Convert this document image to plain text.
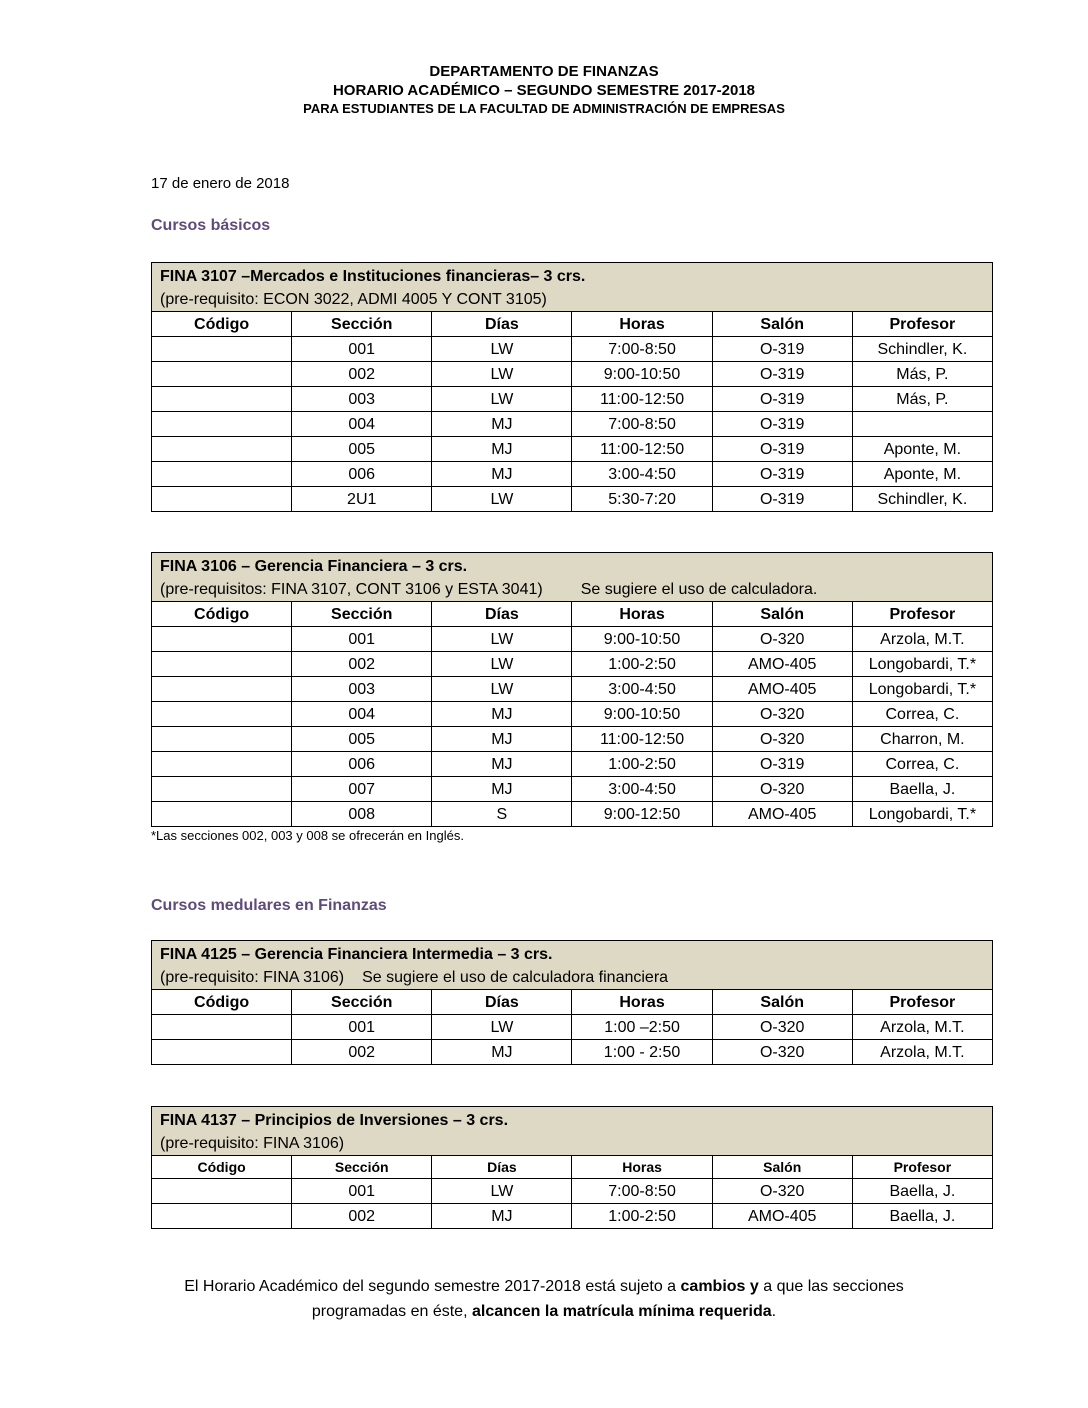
DEPARTAMENTO DE FINANZAS
HORARIO ACADÉMICO – SEGUNDO SEMESTRE 2017-2018
PARA ESTUDIANTES DE LA FACULTAD DE ADMINISTRACIÓN DE EMPRESAS
17 de enero de 2018
Cursos básicos
FINA 3107 –Mercados e Instituciones financieras– 3 crs.
(pre-requisito: ECON 3022, ADMI 4005 Y CONT 3105)
Código	Sección	Días	Horas	Salón	Profesor
	001	LW	7:00-8:50	O-319	Schindler, K.
	002	LW	9:00-10:50	O-319	Más, P.
	003	LW	11:00-12:50	O-319	Más, P.
	004	MJ	7:00-8:50	O-319	
	005	MJ	11:00-12:50	O-319	Aponte, M.
	006	MJ	3:00-4:50	O-319	Aponte, M.
	2U1	LW	5:30-7:20	O-319	Schindler, K.
FINA 3106 – Gerencia Financiera – 3 crs.
(pre-requisitos: FINA 3107, CONT 3106 y ESTA 3041) Se sugiere el uso de calculadora.
Código	Sección	Días	Horas	Salón	Profesor
	001	LW	9:00-10:50	O-320	Arzola, M.T.
	002	LW	1:00-2:50	AMO-405	Longobardi, T.*
	003	LW	3:00-4:50	AMO-405	Longobardi, T.*
	004	MJ	9:00-10:50	O-320	Correa, C.
	005	MJ	11:00-12:50	O-320	Charron, M.
	006	MJ	1:00-2:50	O-319	Correa, C.
	007	MJ	3:00-4:50	O-320	Baella, J.
	008	S	9:00-12:50	AMO-405	Longobardi, T.*
*Las secciones 002, 003 y 008 se ofrecerán en Inglés.
Cursos medulares en Finanzas
FINA 4125 – Gerencia Financiera Intermedia – 3 crs.
(pre-requisito: FINA 3106) Se sugiere el uso de calculadora financiera
Código	Sección	Días	Horas	Salón	Profesor
	001	LW	1:00 –2:50	O-320	Arzola, M.T.
	002	MJ	1:00 - 2:50	O-320	Arzola, M.T.
FINA 4137 – Principios de Inversiones – 3 crs.
(pre-requisito: FINA 3106)
Código	Sección	Días	Horas	Salón	Profesor
	001	LW	7:00-8:50	O-320	Baella, J.
	002	MJ	1:00-2:50	AMO-405	Baella, J.
El Horario Académico del segundo semestre 2017-2018 está sujeto a cambios y a que las secciones
programadas en éste, alcancen la matrícula mínima requerida.
